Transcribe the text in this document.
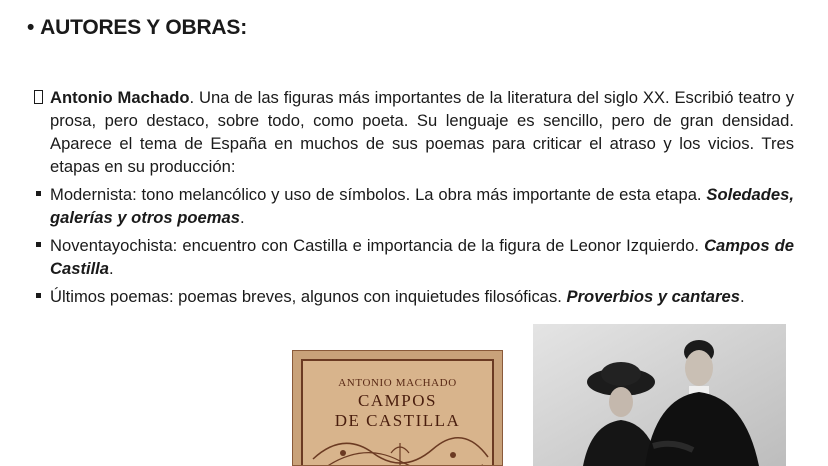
• AUTORES Y OBRAS:
Antonio Machado. Una de las figuras más importantes de la literatura del siglo XX. Escribió teatro y prosa, pero destaco, sobre todo, como poeta. Su lenguaje es sencillo, pero de gran densidad. Aparece el tema de España en muchos de sus poemas para criticar el atraso y los vicios. Tres etapas en su producción:
Modernista: tono melancólico y uso de símbolos. La obra más importante de esta etapa. Soledades, galerías y otros poemas.
Noventayochista: encuentro con Castilla e importancia de la figura de Leonor Izquierdo. Campos de Castilla.
Últimos poemas: poemas breves, algunos con inquietudes filosóficas. Proverbios y cantares.
ANTONIO MACHADO
CAMPOS
DE CASTILLA
